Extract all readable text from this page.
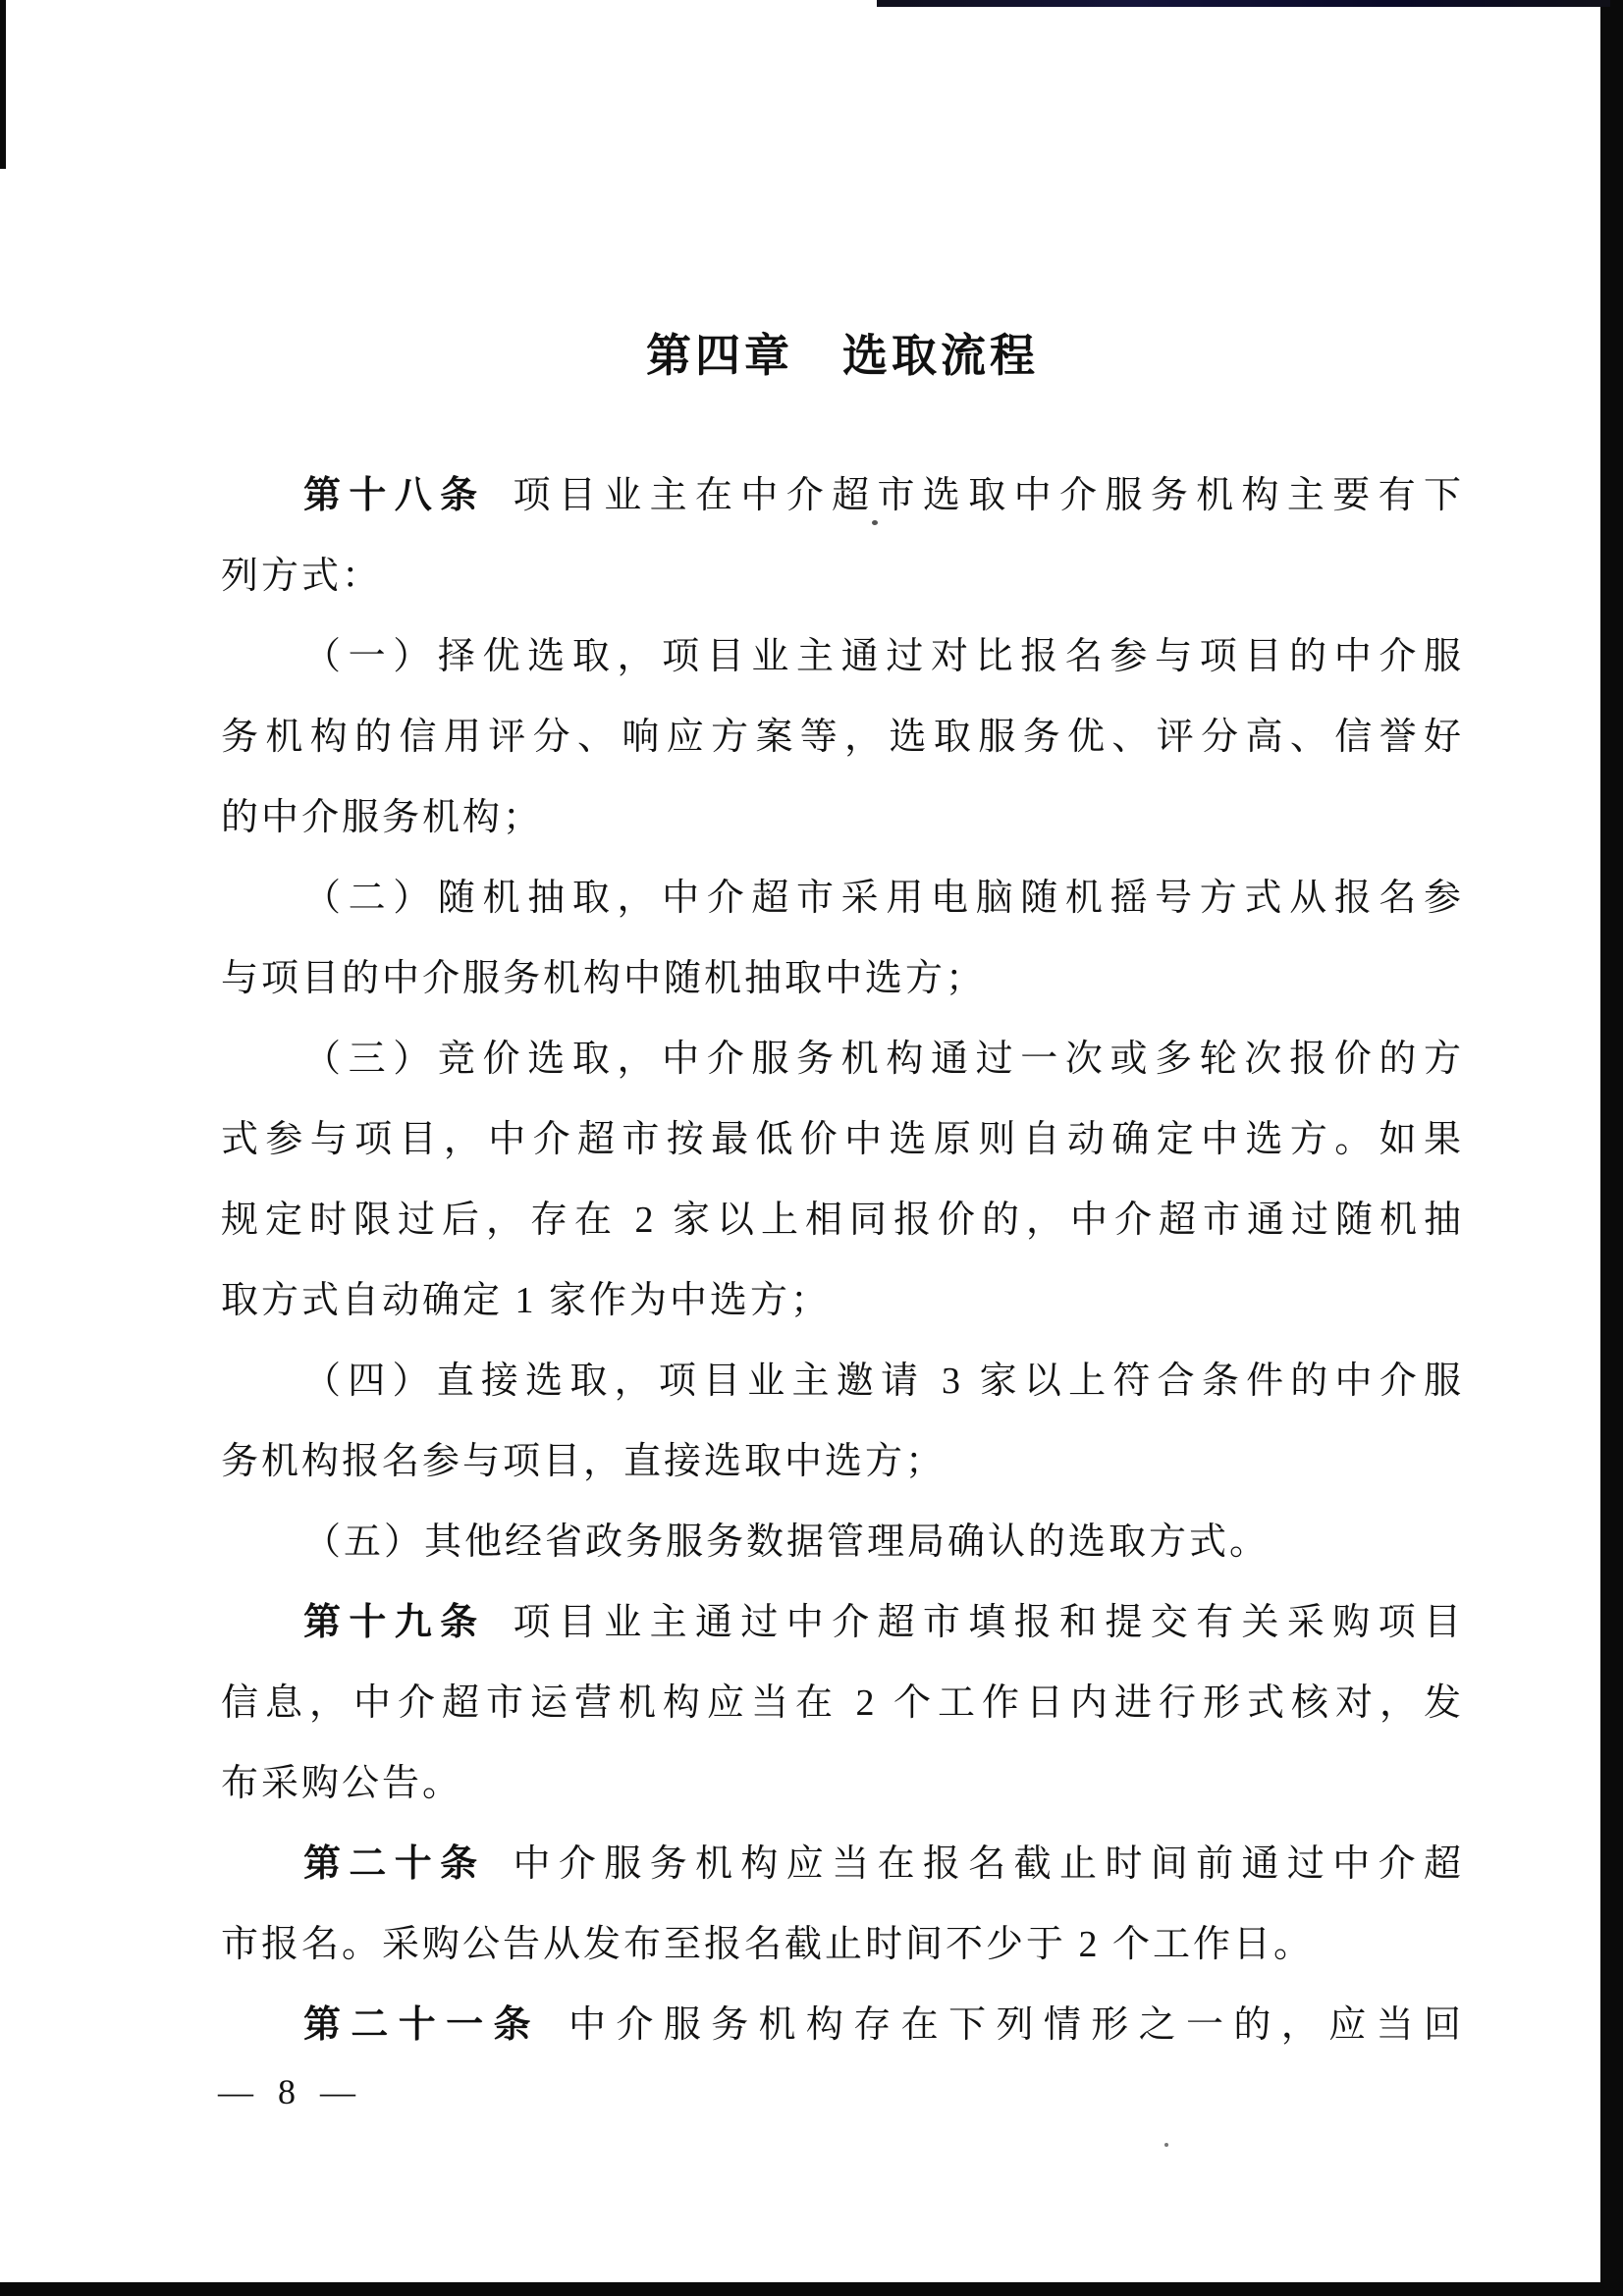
第四章　选取流程
第十八条 项目业主在中介超市选取中介服务机构主要有下
列方式：
（一）择优选取，项目业主通过对比报名参与项目的中介服
务机构的信用评分、响应方案等，选取服务优、评分高、信誉好
的中介服务机构；
（二）随机抽取，中介超市采用电脑随机摇号方式从报名参
与项目的中介服务机构中随机抽取中选方；
（三）竞价选取，中介服务机构通过一次或多轮次报价的方
式参与项目，中介超市按最低价中选原则自动确定中选方。如果
规定时限过后，存在 2 家以上相同报价的，中介超市通过随机抽
取方式自动确定 1 家作为中选方；
（四）直接选取，项目业主邀请 3 家以上符合条件的中介服
务机构报名参与项目，直接选取中选方；
（五）其他经省政务服务数据管理局确认的选取方式。
第十九条 项目业主通过中介超市填报和提交有关采购项目
信息，中介超市运营机构应当在 2 个工作日内进行形式核对，发
布采购公告。
第二十条 中介服务机构应当在报名截止时间前通过中介超
市报名。采购公告从发布至报名截止时间不少于 2 个工作日。
第二十一条 中介服务机构存在下列情形之一的，应当回
— 8 —
